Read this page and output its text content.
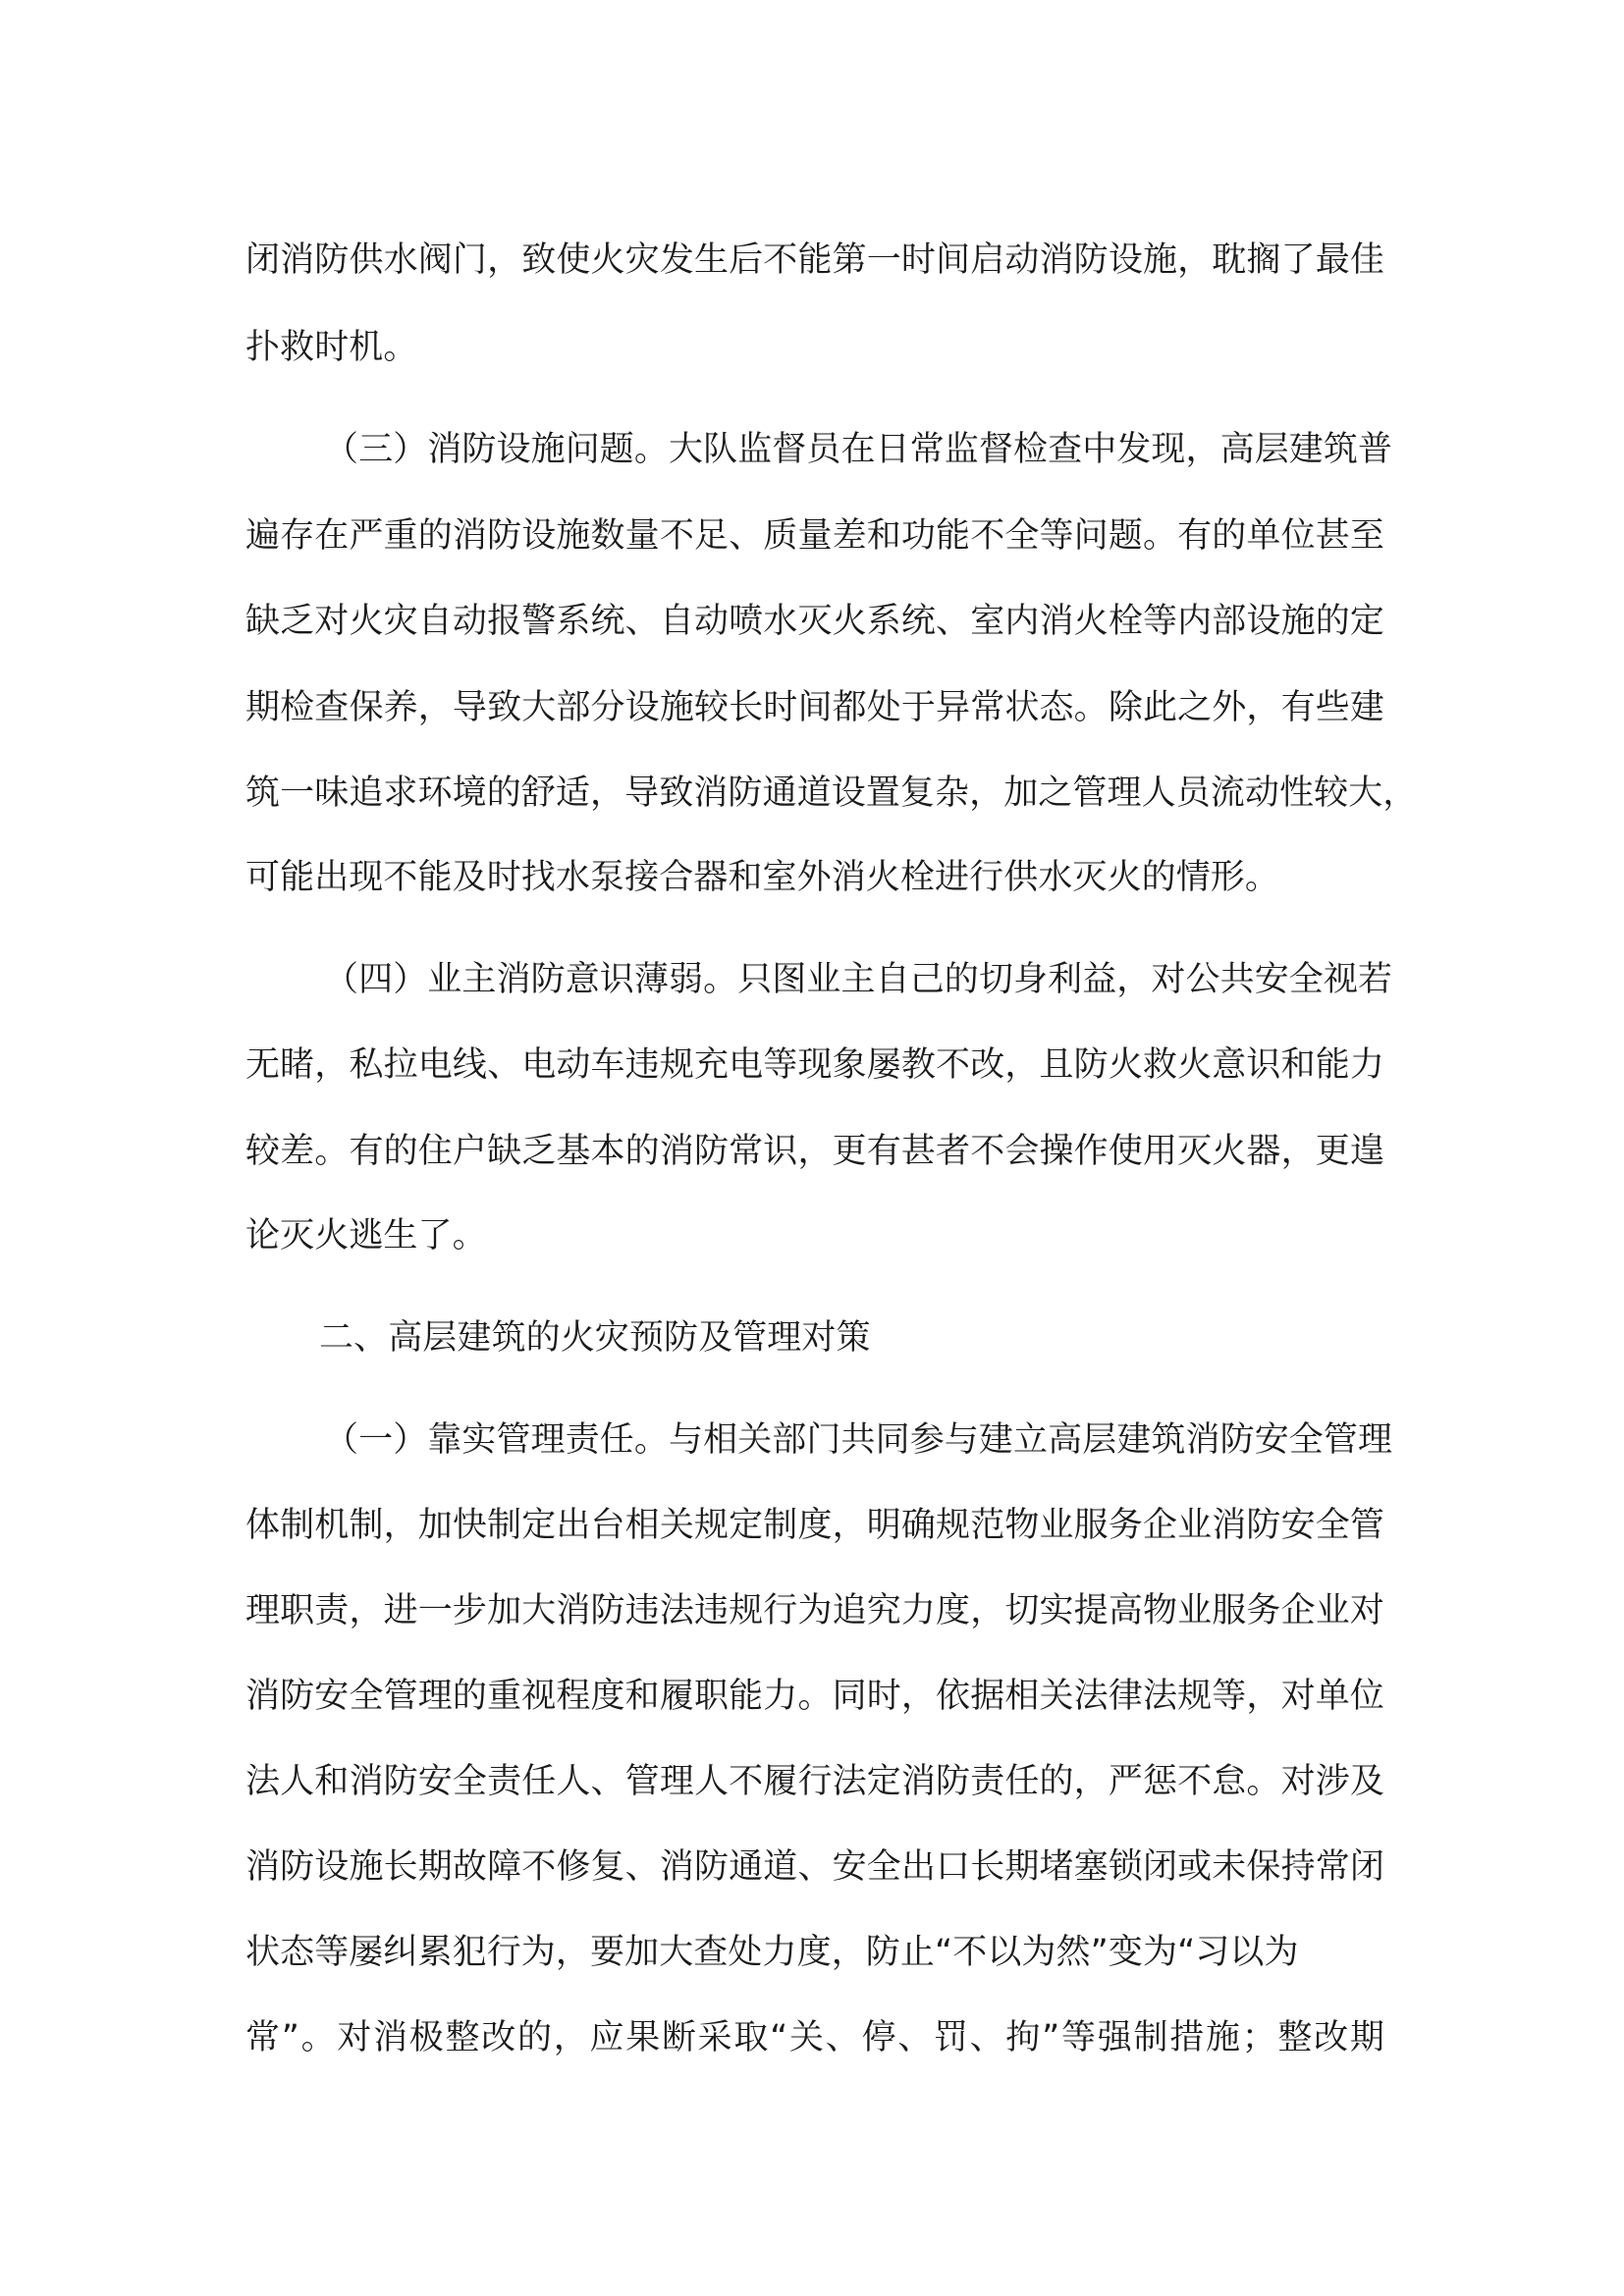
闭消防供水阀门，致使火灾发生后不能第一时间启动消防设施，耽搁了最佳
扑救时机。
（三）消防设施问题。大队监督员在日常监督检查中发现，高层建筑普
遍存在严重的消防设施数量不足、质量差和功能不全等问题。有的单位甚至
缺乏对火灾自动报警系统、自动喷水灭火系统、室内消火栓等内部设施的定
期检查保养，导致大部分设施较长时间都处于异常状态。除此之外，有些建
筑一味追求环境的舒适，导致消防通道设置复杂，加之管理人员流动性较大，
可能出现不能及时找水泵接合器和室外消火栓进行供水灭火的情形。
（四）业主消防意识薄弱。只图业主自己的切身利益，对公共安全视若
无睹，私拉电线、电动车违规充电等现象屡教不改，且防火救火意识和能力
较差。有的住户缺乏基本的消防常识，更有甚者不会操作使用灭火器，更遑
论灭火逃生了。
二、高层建筑的火灾预防及管理对策
（一）靠实管理责任。与相关部门共同参与建立高层建筑消防安全管理
体制机制，加快制定出台相关规定制度，明确规范物业服务企业消防安全管
理职责，进一步加大消防违法违规行为追究力度，切实提高物业服务企业对
消防安全管理的重视程度和履职能力。同时，依据相关法律法规等，对单位
法人和消防安全责任人、管理人不履行法定消防责任的，严惩不怠。对涉及
消防设施长期故障不修复、消防通道、安全出口长期堵塞锁闭或未保持常闭
状态等屡纠累犯行为，要加大查处力度，防止“不以为然”变为“习以为
常”。对消极整改的，应果断采取“关、停、罚、拘”等强制措施；整改期
